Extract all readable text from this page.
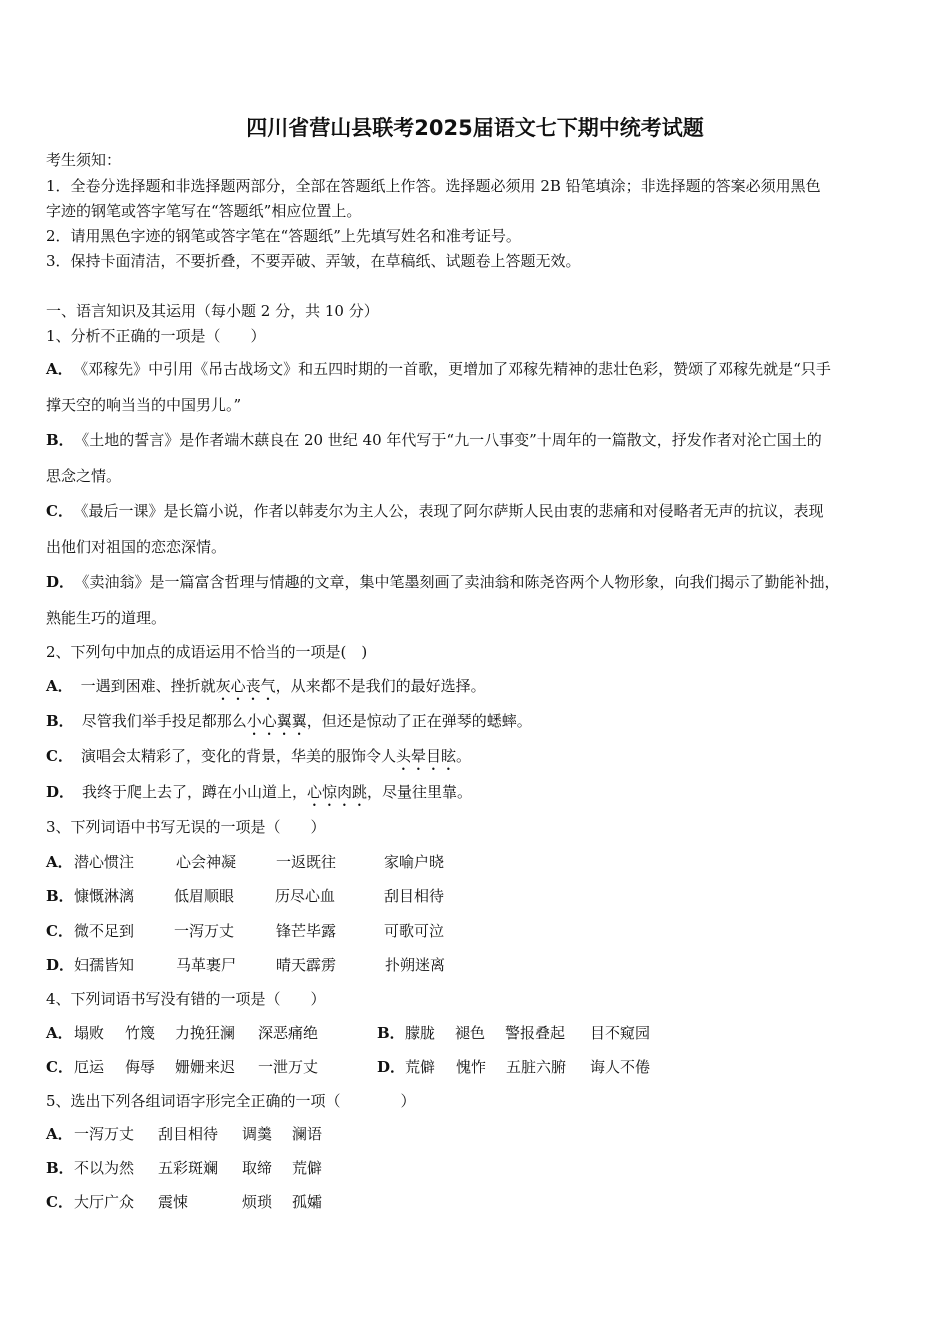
四川省营山县联考2025届语文七下期中统考试题
考生须知：
1．全卷分选择题和非选择题两部分，全部在答题纸上作答。选择题必须用 2B 铅笔填涂；非选择题的答案必须用黑色
字迹的钢笔或答字笔写在“答题纸”相应位置上。
2．请用黑色字迹的钢笔或答字笔在“答题纸”上先填写姓名和准考证号。
3．保持卡面清洁，不要折叠，不要弄破、弄皱，在草稿纸、试题卷上答题无效。
一、语言知识及其运用（每小题 2 分，共 10 分）
1、分析不正确的一项是（　　）
A． 《邓稼先》中引用《吊古战场文》和五四时期的一首歌，更增加了邓稼先精神的悲壮色彩，赞颂了邓稼先就是“只手
撑天空的响当当的中国男儿。”
B． 《土地的誓言》是作者端木蕻良在 20 世纪 40 年代写于“九一八事变”十周年的一篇散文，抒发作者对沦亡国土的
思念之情。
C． 《最后一课》是长篇小说，作者以韩麦尔为主人公，表现了阿尔萨斯人民由衷的悲痛和对侵略者无声的抗议，表现
出他们对祖国的恋恋深情。
D． 《卖油翁》是一篇富含哲理与情趣的文章，集中笔墨刻画了卖油翁和陈尧咨两个人物形象，向我们揭示了勤能补拙，
熟能生巧的道理。
2、下列句中加点的成语运用不恰当的一项是(　)
A． 一遇到困难、挫折就灰心丧气，从来都不是我们的最好选择。
B． 尽管我们举手投足都那么小心翼翼，但还是惊动了正在弹琴的蟋蟀。
C． 演唱会太精彩了，变化的背景，华美的服饰令人头晕目眩。
D． 我终于爬上去了，蹲在小山道上，心惊肉跳，尽量往里靠。
3、下列词语中书写无误的一项是（　　）
A． 潜心惯注	心会神凝	一返既往	家喻户晓
B． 慷慨淋漓	低眉顺眼	历尽心血	刮目相待
C． 微不足到	一泻万丈	锋芒毕露	可歌可泣
D． 妇孺皆知	马革裹尸	晴天霹雳	扑朔迷离
4、下列词语书写没有错的一项是（　　）
A． 塌败 竹篾 力挽狂澜 深恶痛绝	B． 朦胧 褪色 警报叠起 目不窥园
C． 厄运 侮辱 姗姗来迟 一泄万丈	D． 荒僻 愧怍 五脏六腑 诲人不倦
5、选出下列各组词语字形完全正确的一项（　　　　）
A． 一泻万丈 刮目相待 调羹 澜语
B． 不以为然 五彩斑斓 取缔 荒僻
C． 大厅广众 震悚	烦琐 孤孀
